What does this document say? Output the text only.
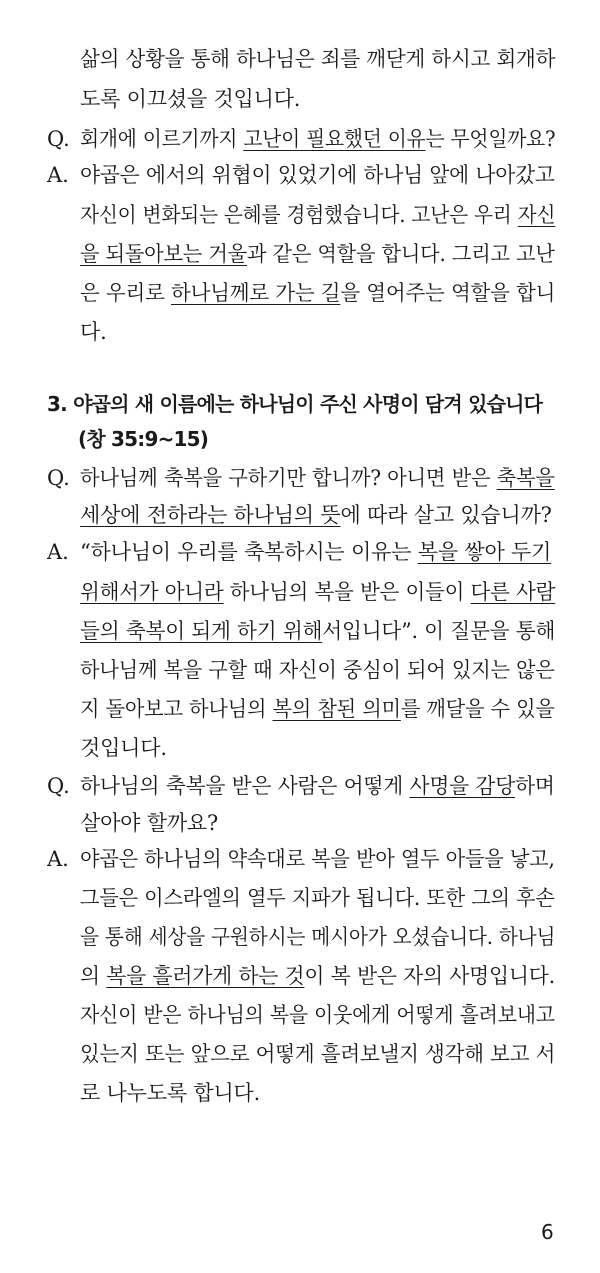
삶의 상황을 통해 하나님은 죄를 깨닫게 하시고 회개하
도록 이끄셨을 것입니다.
Q. 회개에 이르기까지 고난이 필요했던 이유는 무엇일까요?
A. 야곱은 에서의 위협이 있었기에 하나님 앞에 나아갔고
자신이 변화되는 은혜를 경험했습니다. 고난은 우리 자신
을 되돌아보는 거울과 같은 역할을 합니다. 그리고 고난
은 우리로 하나님께로 가는 길을 열어주는 역할을 합니
다.
3. 야곱의 새 이름에는 하나님이 주신 사명이 담겨 있습니다
(창 35:9~15)
Q. 하나님께 축복을 구하기만 합니까? 아니면 받은 축복을
세상에 전하라는 하나님의 뜻에 따라 살고 있습니까?
A. “하나님이 우리를 축복하시는 이유는 복을 쌓아 두기
위해서가 아니라 하나님의 복을 받은 이들이 다른 사람
들의 축복이 되게 하기 위해서입니다”. 이 질문을 통해
하나님께 복을 구할 때 자신이 중심이 되어 있지는 않은
지 돌아보고 하나님의 복의 참된 의미를 깨달을 수 있을
것입니다.
Q. 하나님의 축복을 받은 사람은 어떻게 사명을 감당하며
살아야 할까요?
A. 야곱은 하나님의 약속대로 복을 받아 열두 아들을 낳고,
그들은 이스라엘의 열두 지파가 됩니다. 또한 그의 후손
을 통해 세상을 구원하시는 메시아가 오셨습니다. 하나님
의 복을 흘러가게 하는 것이 복 받은 자의 사명입니다.
자신이 받은 하나님의 복을 이웃에게 어떻게 흘려보내고
있는지 또는 앞으로 어떻게 흘려보낼지 생각해 보고 서
로 나누도록 합니다.
6
